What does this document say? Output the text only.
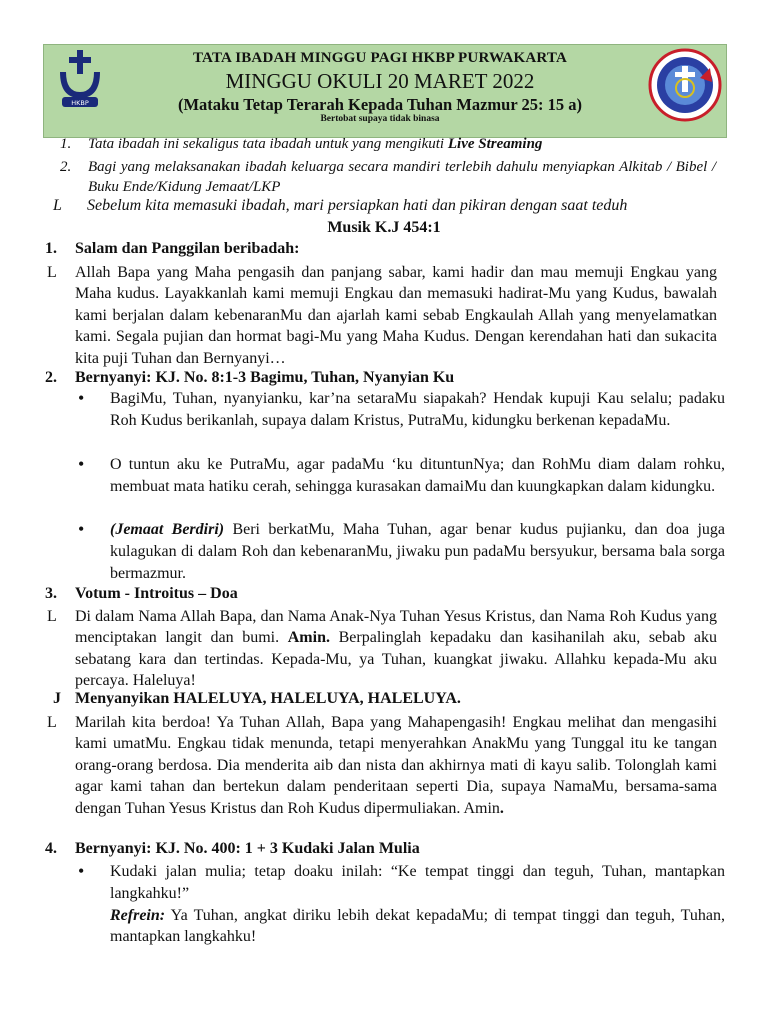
HKBP
TATA IBADAH MINGGU PAGI HKBP PURWAKARTA
MINGGU OKULI 20 MARET 2022
(Mataku Tetap Terarah Kepada Tuhan Mazmur 25: 15 a)
Bertobat supaya tidak binasa
1. Tata ibadah ini sekaligus tata ibadah untuk yang mengikuti Live Streaming
2. Bagi yang melaksanakan ibadah keluarga secara mandiri terlebih dahulu menyiapkan Alkitab / Bibel / Buku Ende/Kidung Jemaat/LKP
L Sebelum kita memasuki ibadah, mari persiapkan hati dan pikiran dengan saat teduh
Musik K.J 454:1
1. Salam dan Panggilan beribadah:
L Allah Bapa yang Maha pengasih dan panjang sabar, kami hadir dan mau memuji Engkau yang Maha kudus. Layakkanlah kami memuji Engkau dan memasuki hadirat-Mu yang Kudus, bawalah kami berjalan dalam kebenaranMu dan ajarlah kami sebab Engkaulah Allah yang menyelamatkan kami. Segala pujian dan hormat bagi-Mu yang Maha Kudus. Dengan kerendahan hati dan sukacita kita puji Tuhan dan Bernyanyi…
2. Bernyanyi: KJ. No. 8:1-3 Bagimu, Tuhan, Nyanyian Ku
• BagiMu, Tuhan, nyanyianku, kar’na setaraMu siapakah? Hendak kupuji Kau selalu; padaku Roh Kudus berikanlah, supaya dalam Kristus, PutraMu, kidungku berkenan kepadaMu.
• O tuntun aku ke PutraMu, agar padaMu ‘ku dituntunNya; dan RohMu diam dalam rohku, membuat mata hatiku cerah, sehingga kurasakan damaiMu dan kuungkapkan dalam kidungku.
• (Jemaat Berdiri) Beri berkatMu, Maha Tuhan, agar benar kudus pujianku, dan doa juga kulagukan di dalam Roh dan kebenaranMu, jiwaku pun padaMu bersyukur, bersama bala sorga bermazmur.
3. Votum - Introitus – Doa
L Di dalam Nama Allah Bapa, dan Nama Anak-Nya Tuhan Yesus Kristus, dan Nama Roh Kudus yang menciptakan langit dan bumi. Amin. Berpalinglah kepadaku dan kasihanilah aku, sebab aku sebatang kara dan tertindas. Kepada-Mu, ya Tuhan, kuangkat jiwaku. Allahku kepada-Mu aku percaya. Haleluya!
J Menyanyikan HALELUYA, HALELUYA, HALELUYA.
L Marilah kita berdoa! Ya Tuhan Allah, Bapa yang Mahapengasih! Engkau melihat dan mengasihi kami umatMu. Engkau tidak menunda, tetapi menyerahkan AnakMu yang Tunggal itu ke tangan orang-orang berdosa. Dia menderita aib dan nista dan akhirnya mati di kayu salib. Tolonglah kami agar kami tahan dan bertekun dalam penderitaan seperti Dia, supaya NamaMu, bersama-sama dengan Tuhan Yesus Kristus dan Roh Kudus dipermuliakan. Amin.
4. Bernyanyi: KJ. No. 400: 1 + 3 Kudaki Jalan Mulia
• Kudaki jalan mulia; tetap doaku inilah: “Ke tempat tinggi dan teguh, Tuhan, mantapkan langkahku!”
Refrein: Ya Tuhan, angkat diriku lebih dekat kepadaMu; di tempat tinggi dan teguh, Tuhan, mantapkan langkahku!
